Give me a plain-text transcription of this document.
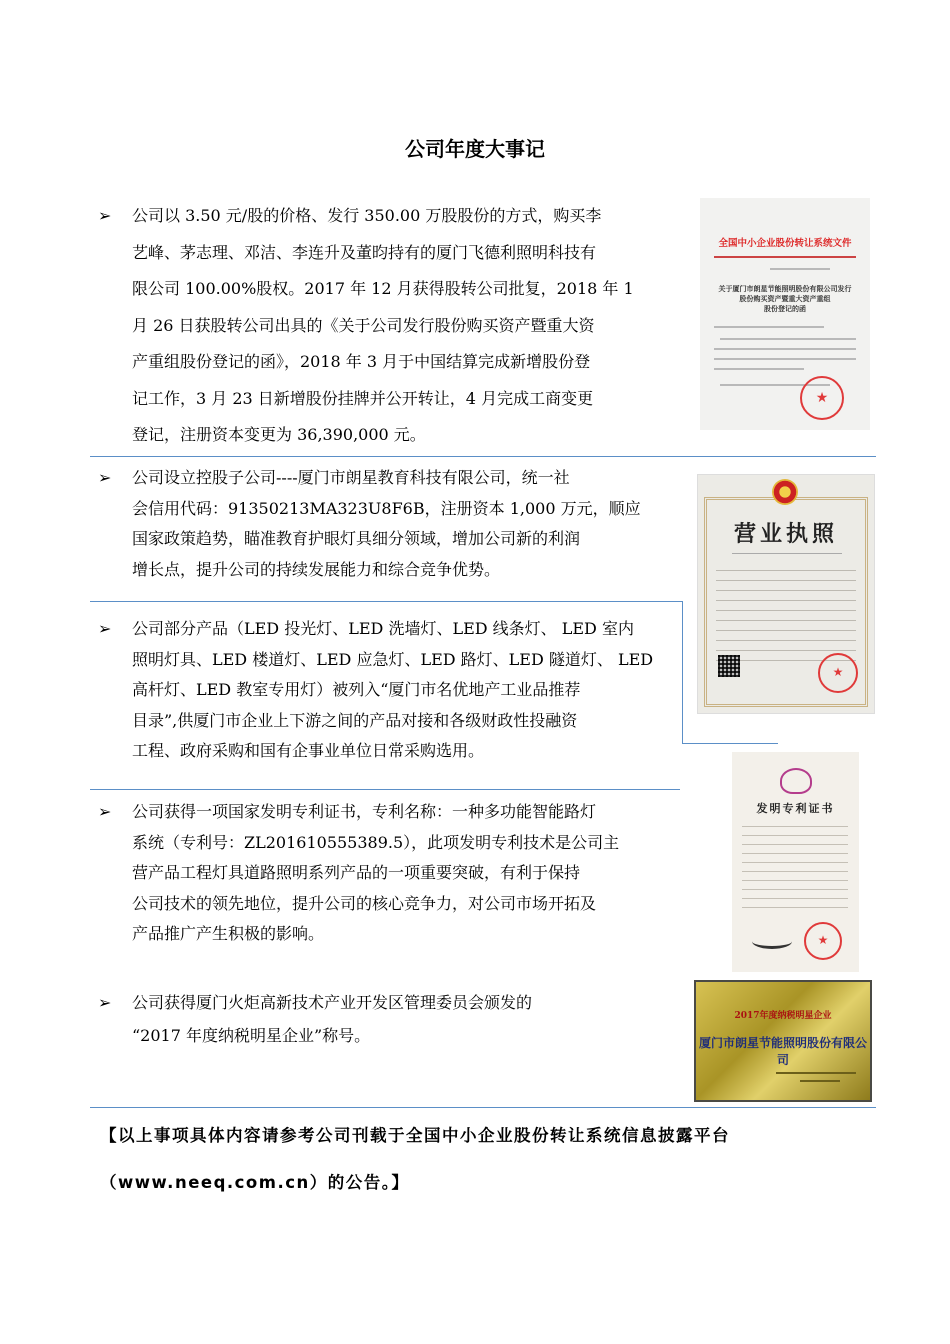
公司年度大事记
➢ 公司以 3.50 元/股的价格、发行 350.00 万股股份的方式，购买李
艺峰、茅志理、邓洁、李连升及董昀持有的厦门飞德利照明科技有
限公司 100.00%股权。2017 年 12 月获得股转公司批复，2018 年 1
月 26 日获股转公司出具的《关于公司发行股份购买资产暨重大资
产重组股份登记的函》，2018 年 3 月于中国结算完成新增股份登
记工作，3 月 23 日新增股份挂牌并公开转让，4 月完成工商变更
登记，注册资本变更为 36,390,000 元。
➢ 公司设立控股子公司----厦门市朗星教育科技有限公司，统一社
会信用代码：91350213MA323U8F6B，注册资本 1,000 万元，顺应
国家政策趋势，瞄准教育护眼灯具细分领域，增加公司新的利润
增长点，提升公司的持续发展能力和综合竞争优势。
➢ 公司部分产品（LED 投光灯、LED 洗墙灯、LED 线条灯、 LED 室内
照明灯具、LED 楼道灯、LED 应急灯、LED 路灯、LED 隧道灯、 LED
高杆灯、LED 教室专用灯）被列入“厦门市名优地产工业品推荐
目录”,供厦门市企业上下游之间的产品对接和各级财政性投融资
工程、政府采购和国有企事业单位日常采购选用。
➢ 公司获得一项国家发明专利证书，专利名称：一种多功能智能路灯
系统（专利号：ZL201610555389.5），此项发明专利技术是公司主
营产品工程灯具道路照明系列产品的一项重要突破，有利于保持
公司技术的领先地位，提升公司的核心竞争力，对公司市场开拓及
产品推广产生积极的影响。
➢ 公司获得厦门火炬高新技术产业开发区管理委员会颁发的
“2017 年度纳税明星企业”称号。
全国中小企业股份转让系统文件
关于厦门市朗星节能照明股份有限公司发行
股份购买资产暨重大资产重组
股份登记的函
★
营业执照
★
发明专利证书
★
2017年度纳税明星企业
厦门市朗星节能照明股份有限公司
【以上事项具体内容请参考公司刊载于全国中小企业股份转让系统信息披露平台
（www.neeq.com.cn）的公告。】
